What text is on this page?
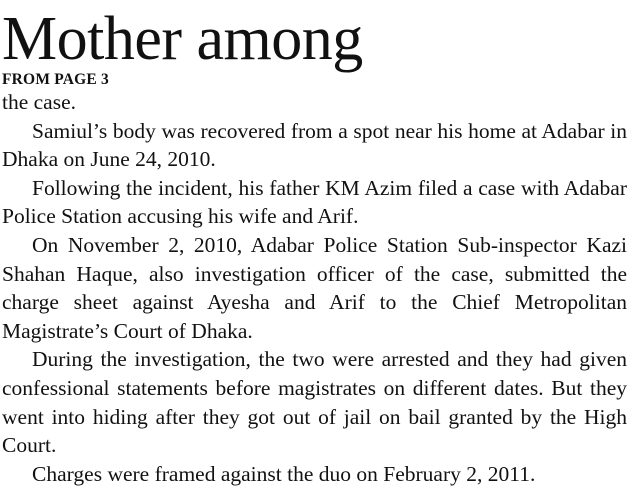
Mother among
FROM PAGE 3

the case.

Samiul’s body was recovered from a spot near his home at Adabar in Dhaka on June 24, 2010.

Following the incident, his father KM Azim filed a case with Adabar Police Station accusing his wife and Arif.

On November 2, 2010, Adabar Police Station Sub-inspector Kazi Shahan Haque, also investigation officer of the case, submitted the charge sheet against Ayesha and Arif to the Chief Metropolitan Magistrate’s Court of Dhaka.

During the investigation, the two were arrested and they had given confessional statements before magistrates on different dates. But they went into hiding after they got out of jail on bail granted by the High Court.

Charges were framed against the duo on February 2, 2011.
